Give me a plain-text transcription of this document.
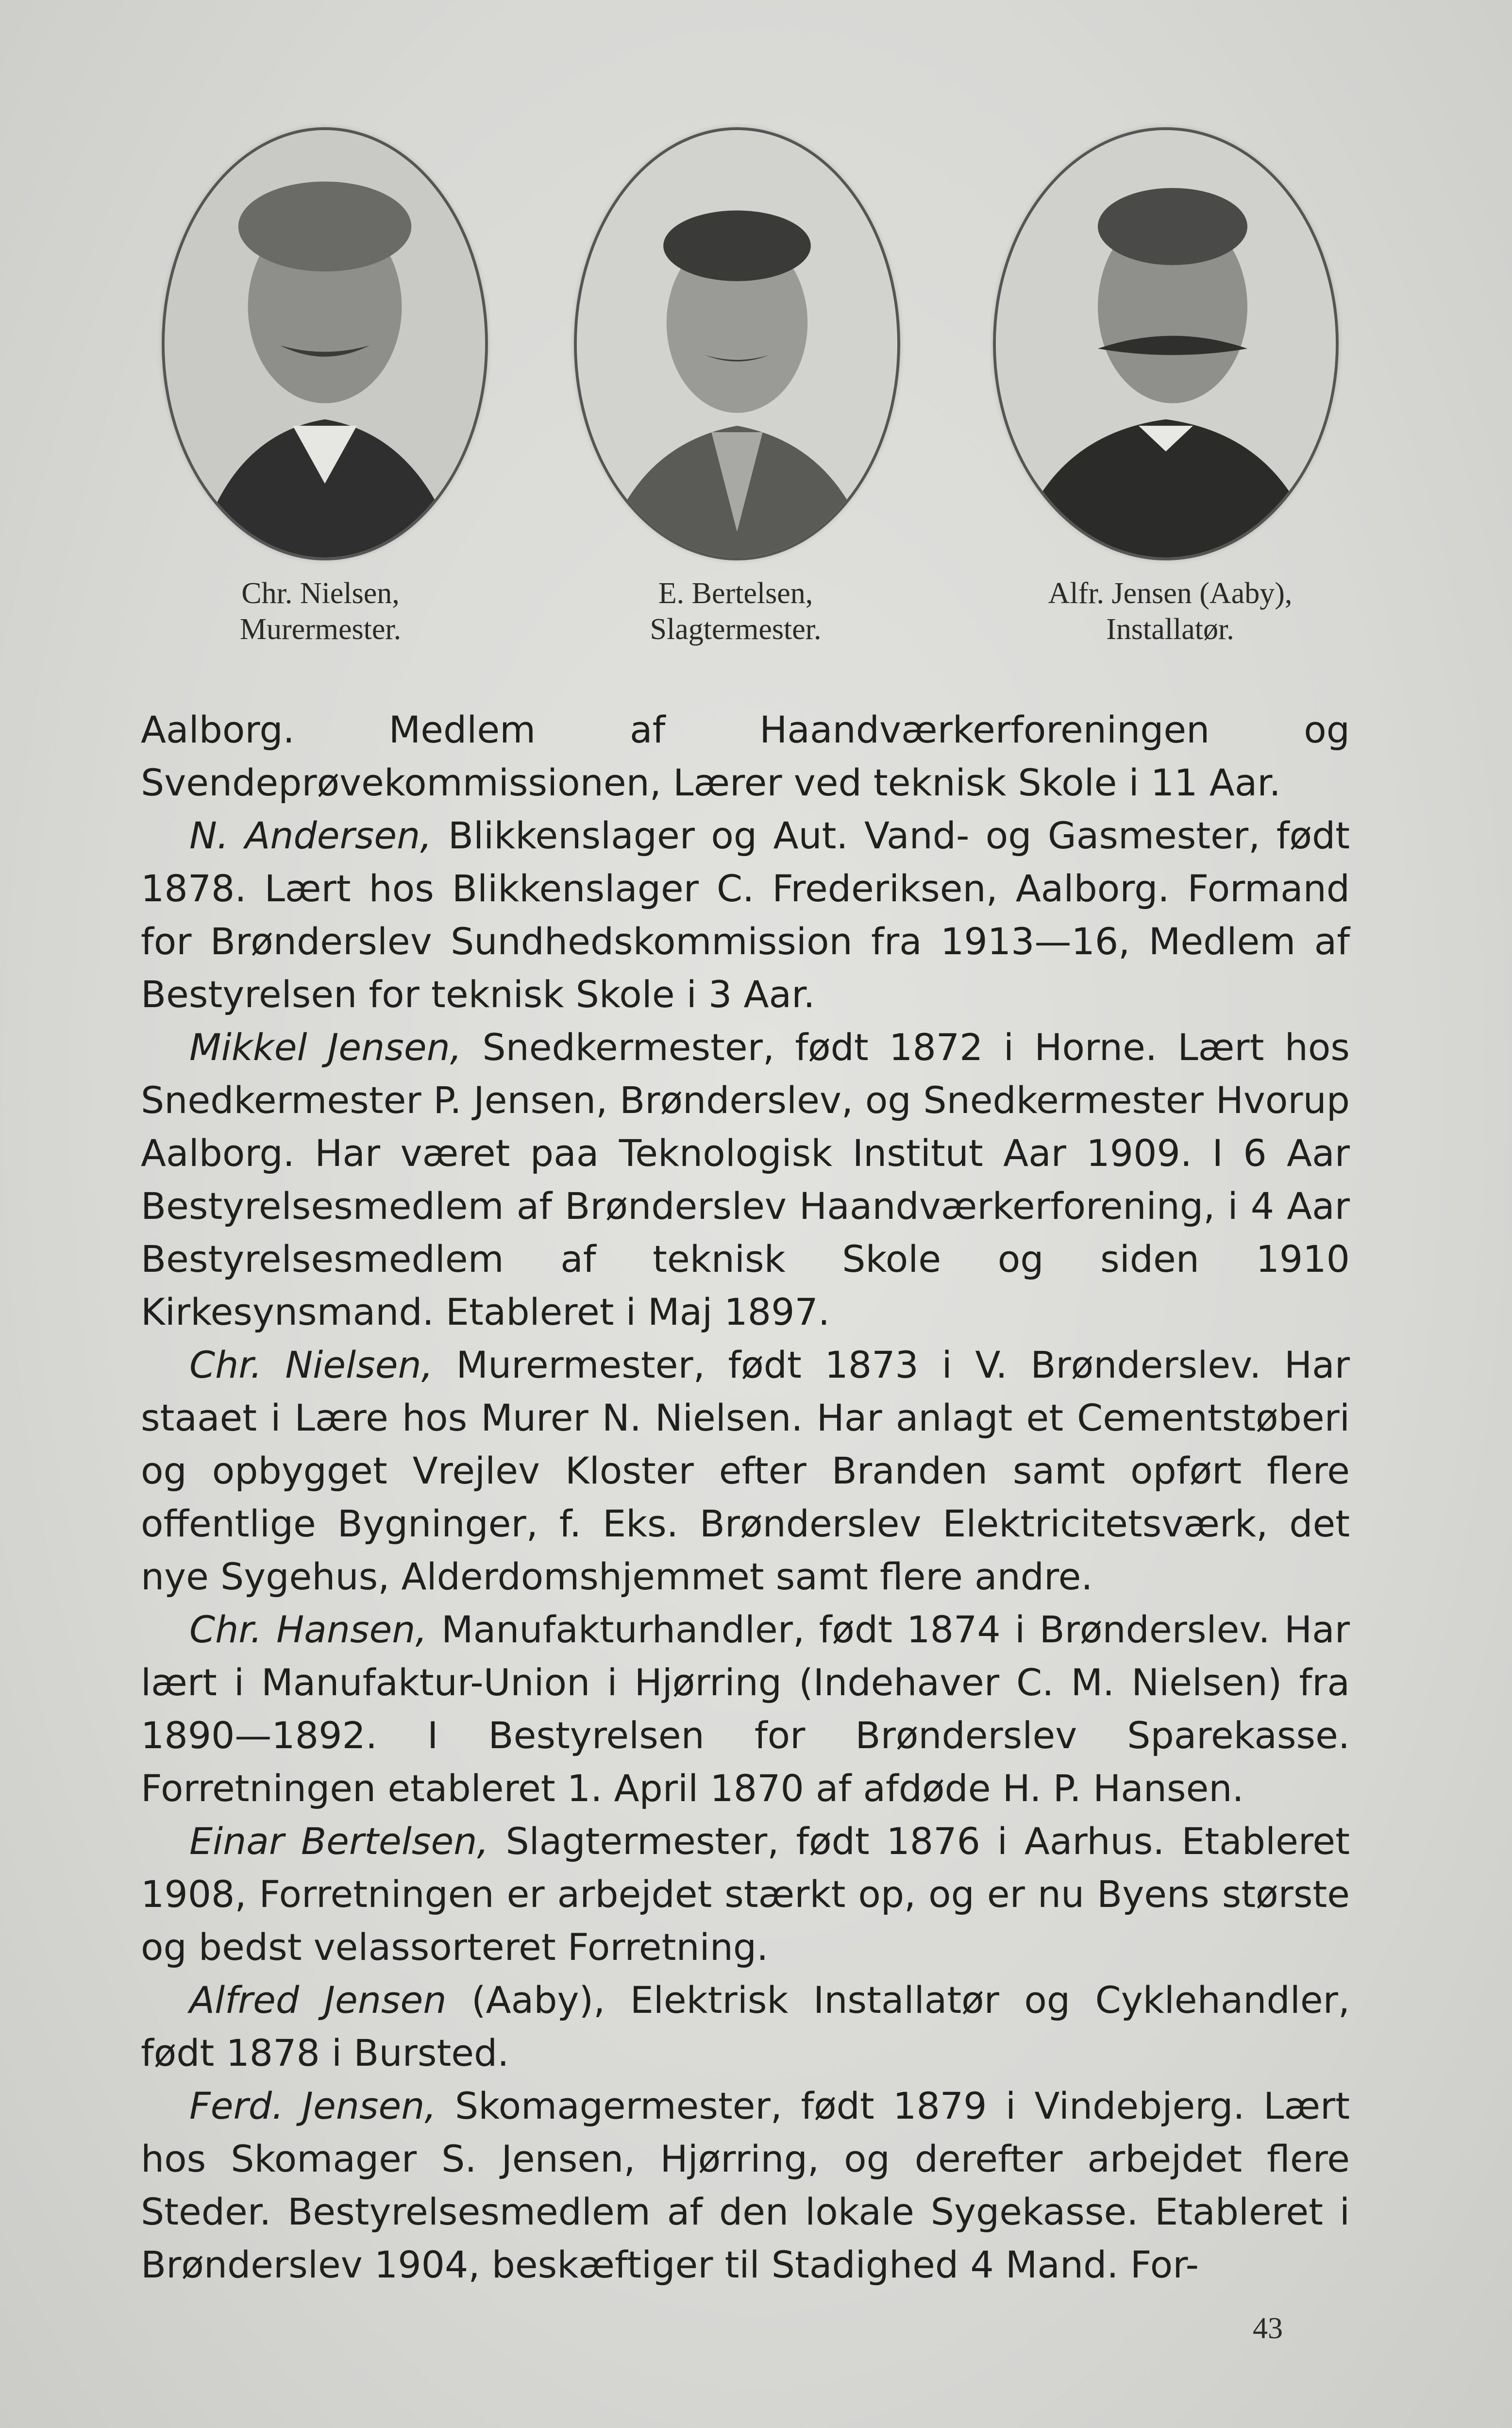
Chr. Nielsen,
Murermester.
E. Bertelsen,
Slagtermester.
Alfr. Jensen (Aaby),
Installatør.

Aalborg. Medlem af Haandværkerforeningen og Svendeprøvekommissionen, Lærer ved teknisk Skole i 11 Aar.

N. Andersen, Blikkenslager og Aut. Vand- og Gasmester, født 1878. Lært hos Blikkenslager C. Frederiksen, Aalborg. Formand for Brønderslev Sundhedskommission fra 1913—16, Medlem af Bestyrelsen for teknisk Skole i 3 Aar.

Mikkel Jensen, Snedkermester, født 1872 i Horne. Lært hos Snedkermester P. Jensen, Brønderslev, og Snedkermester Hvorup Aalborg. Har været paa Teknologisk Institut Aar 1909. I 6 Aar Bestyrelsesmedlem af Brønderslev Haandværkerforening, i 4 Aar Bestyrelsesmedlem af teknisk Skole og siden 1910 Kirkesynsmand. Etableret i Maj 1897.

Chr. Nielsen, Murermester, født 1873 i V. Brønderslev. Har staaet i Lære hos Murer N. Nielsen. Har anlagt et Cementstøberi og opbygget Vrejlev Kloster efter Branden samt opført flere offentlige Bygninger, f. Eks. Brønderslev Elektricitetsværk, det nye Sygehus, Alderdomshjemmet samt flere andre.

Chr. Hansen, Manufakturhandler, født 1874 i Brønderslev. Har lært i Manufaktur-Union i Hjørring (Indehaver C. M. Nielsen) fra 1890—1892. I Bestyrelsen for Brønderslev Sparekasse. Forretningen etableret 1. April 1870 af afdøde H. P. Hansen.

Einar Bertelsen, Slagtermester, født 1876 i Aarhus. Etableret 1908, Forretningen er arbejdet stærkt op, og er nu Byens største og bedst velassorteret Forretning.

Alfred Jensen (Aaby), Elektrisk Installatør og Cyklehandler, født 1878 i Bursted.

Ferd. Jensen, Skomagermester, født 1879 i Vindebjerg. Lært hos Skomager S. Jensen, Hjørring, og derefter arbejdet flere Steder. Bestyrelsesmedlem af den lokale Sygekasse. Etableret i Brønderslev 1904, beskæftiger til Stadighed 4 Mand. For-

43
